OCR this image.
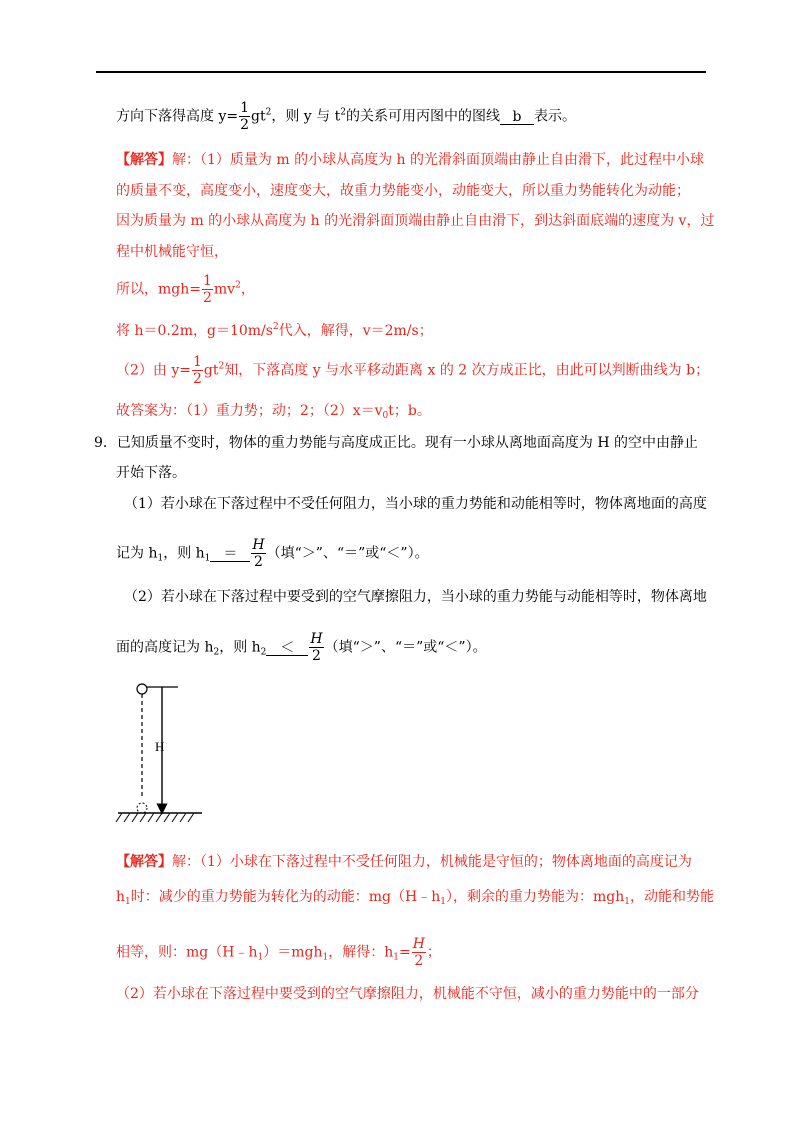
方向下落得高度 $y= \frac{1}{2} gt^2$，则 y 与 $t^2$的关系可用丙图中的图线 b 表示。
【解答】解：（1）质量为 m 的小球从高度为 h 的光滑斜面顶端由静止自由滑下，此过程中小球
的质量不变，高度变小，速度变大，故重力势能变小，动能变大，所以重力势能转化为动能；
因为质量为 m 的小球从高度为 h 的光滑斜面顶端由静止自由滑下，到达斜面底端的速度为 v，过
程中机械能守恒，
所以，$mgh= \frac{1}{2} mv^2$，
将 h＝0.2m，$g=10m/s^2$代入，解得，v＝2m/s；
（2）由 $y= \frac{1}{2} gt^2$知，下落高度 y 与水平移动距离 x 的 2 次方成正比，由此可以判断曲线为 b；
故答案为：（1）重力势；动；2；$(2)x=v_0t$；b。
9．已知质量不变时，物体的重力势能与高度成正比。现有一小球从离地面高度为 H 的空中由静止
开始下落。
（1）若小球在下落过程中不受任何阻力，当小球的重力势能和动能相等时，物体离地面的高度
记为 $h_1$，则 $h_1 = \frac{H}{2}$ （填“＞”、“＝”或“＜”）。
（2）若小球在下落过程中要受到的空气摩擦阻力，当小球的重力势能与动能相等时，物体离地
面的高度记为 $h_2$，则 $h_2 < \frac{H}{2}$ （填“＞”、“＝”或“＜”）。
H
【解答】解：（1）小球在下落过程中不受任何阻力，机械能是守恒的；物体离地面的高度记为
$h_1$时：减少的重力势能为转化为的动能：$mg(H﹣h_1)$，剩余的重力势能为：mgh$_1$，动能和势能
相等，则：$mg(H﹣h_1)=mgh_1$，解得：$h_1= \frac{H}{2}$ ；
（2）若小球在下落过程中要受到的空气摩擦阻力，机械能不守恒，减小的重力势能中的一部分
